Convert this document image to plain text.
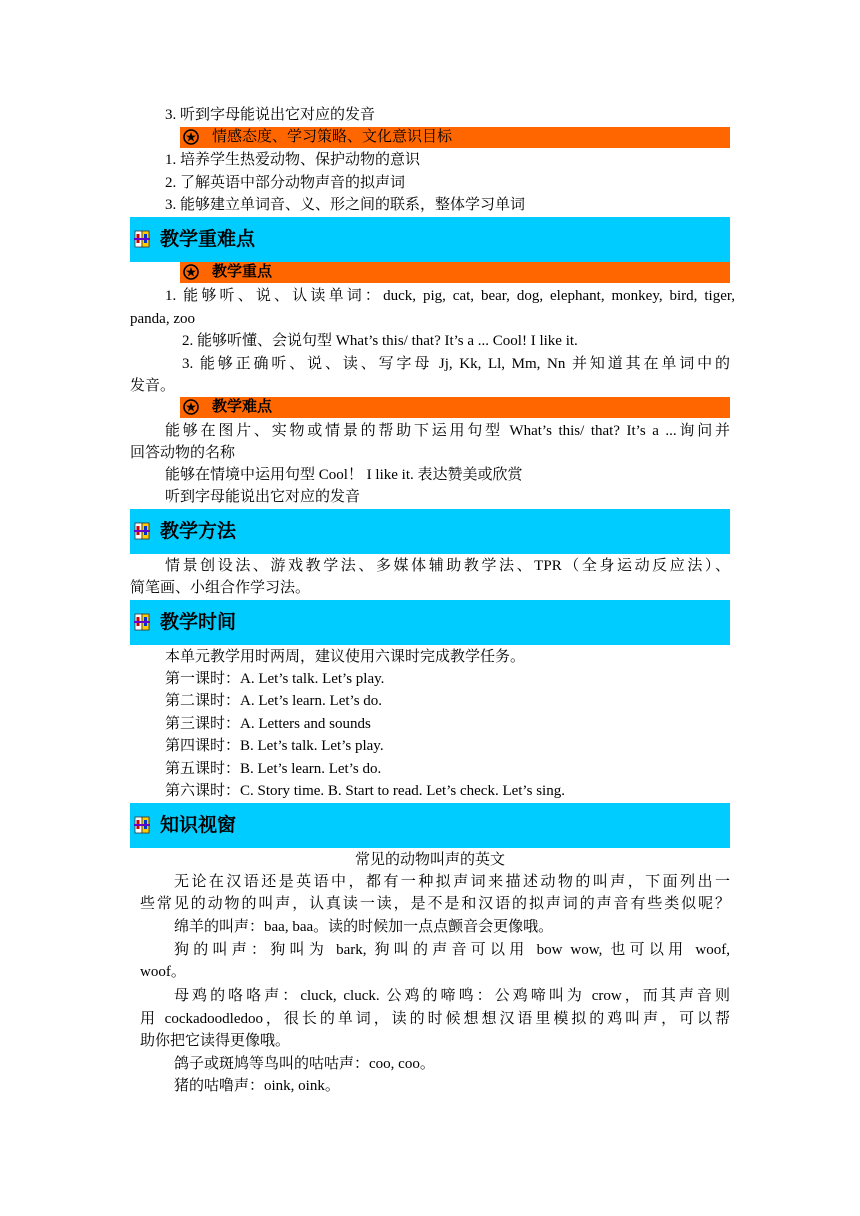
3. 听到字母能说出它对应的发音
情感态度、学习策略、文化意识目标
1. 培养学生热爱动物、保护动物的意识
2. 了解英语中部分动物声音的拟声词
3. 能够建立单词音、义、形之间的联系，整体学习单词
教学重难点
教学重点
1. 能够听、说、认读单词：duck, pig, cat, bear, dog, elephant, monkey, bird, tiger,
panda, zoo
2. 能够听懂、会说句型 What’s this/ that? It’s a ... Cool! I like it.
3. 能够正确听、说、读、写字母 Jj, Kk, Ll, Mm, Nn 并知道其在单词中的
发音。
教学难点
能够在图片、实物或情景的帮助下运用句型 What’s this/ that? It’s a ...询问并
回答动物的名称
能够在情境中运用句型 Cool！ I like it. 表达赞美或欣赏
听到字母能说出它对应的发音
教学方法
情景创设法、游戏教学法、多媒体辅助教学法、TPR（全身运动反应法）、
简笔画、小组合作学习法。
教学时间
本单元教学用时两周，建议使用六课时完成教学任务。
第一课时：A. Let’s talk. Let’s play.
第二课时：A. Let’s learn. Let’s do.
第三课时：A. Letters and sounds
第四课时：B. Let’s talk. Let’s play.
第五课时：B. Let’s learn. Let’s do.
第六课时：C. Story time. B. Start to read. Let’s check. Let’s sing.
知识视窗
常见的动物叫声的英文
无论在汉语还是英语中，都有一种拟声词来描述动物的叫声，下面列出一
些常见的动物的叫声，认真读一读，是不是和汉语的拟声词的声音有些类似呢？
绵羊的叫声：baa, baa。读的时候加一点点颤音会更像哦。
狗的叫声：狗叫为 bark, 狗叫的声音可以用 bow wow, 也可以用 woof,
woof。
母鸡的咯咯声：cluck, cluck. 公鸡的啼鸣：公鸡啼叫为 crow，而其声音则
用 cockadoodledoo，很长的单词，读的时候想想汉语里模拟的鸡叫声，可以帮
助你把它读得更像哦。
鸽子或斑鸠等鸟叫的咕咕声：coo, coo。
猪的咕噜声：oink, oink。
